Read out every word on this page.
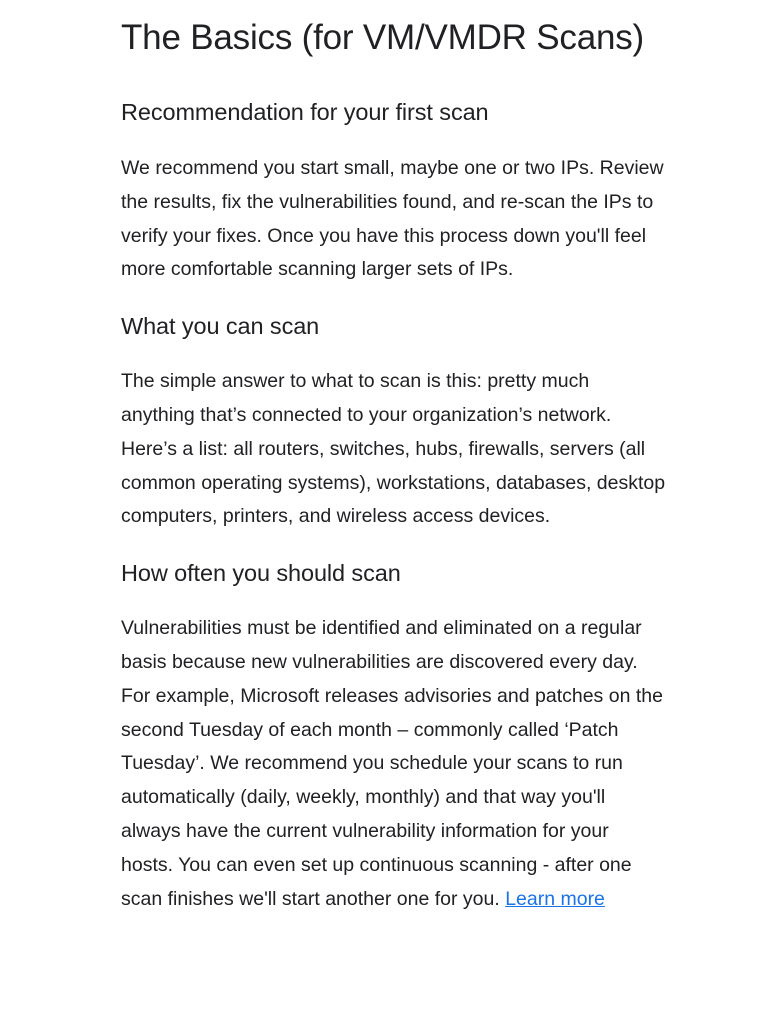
The Basics (for VM/VMDR Scans)
Recommendation for your first scan

We recommend you start small, maybe one or two IPs. Review the results, fix the vulnerabilities found, and re-scan the IPs to verify your fixes. Once you have this process down you'll feel more comfortable scanning larger sets of IPs.

What you can scan

The simple answer to what to scan is this: pretty much anything that’s connected to your organization’s network. Here’s a list: all routers, switches, hubs, firewalls, servers (all common operating systems), workstations, databases, desktop computers, printers, and wireless access devices.

How often you should scan

Vulnerabilities must be identified and eliminated on a regular basis because new vulnerabilities are discovered every day. For example, Microsoft releases advisories and patches on the second Tuesday of each month – commonly called ‘Patch Tuesday’. We recommend you schedule your scans to run automatically (daily, weekly, monthly) and that way you'll always have the current vulnerability information for your hosts. You can even set up continuous scanning - after one scan finishes we'll start another one for you. Learn more
